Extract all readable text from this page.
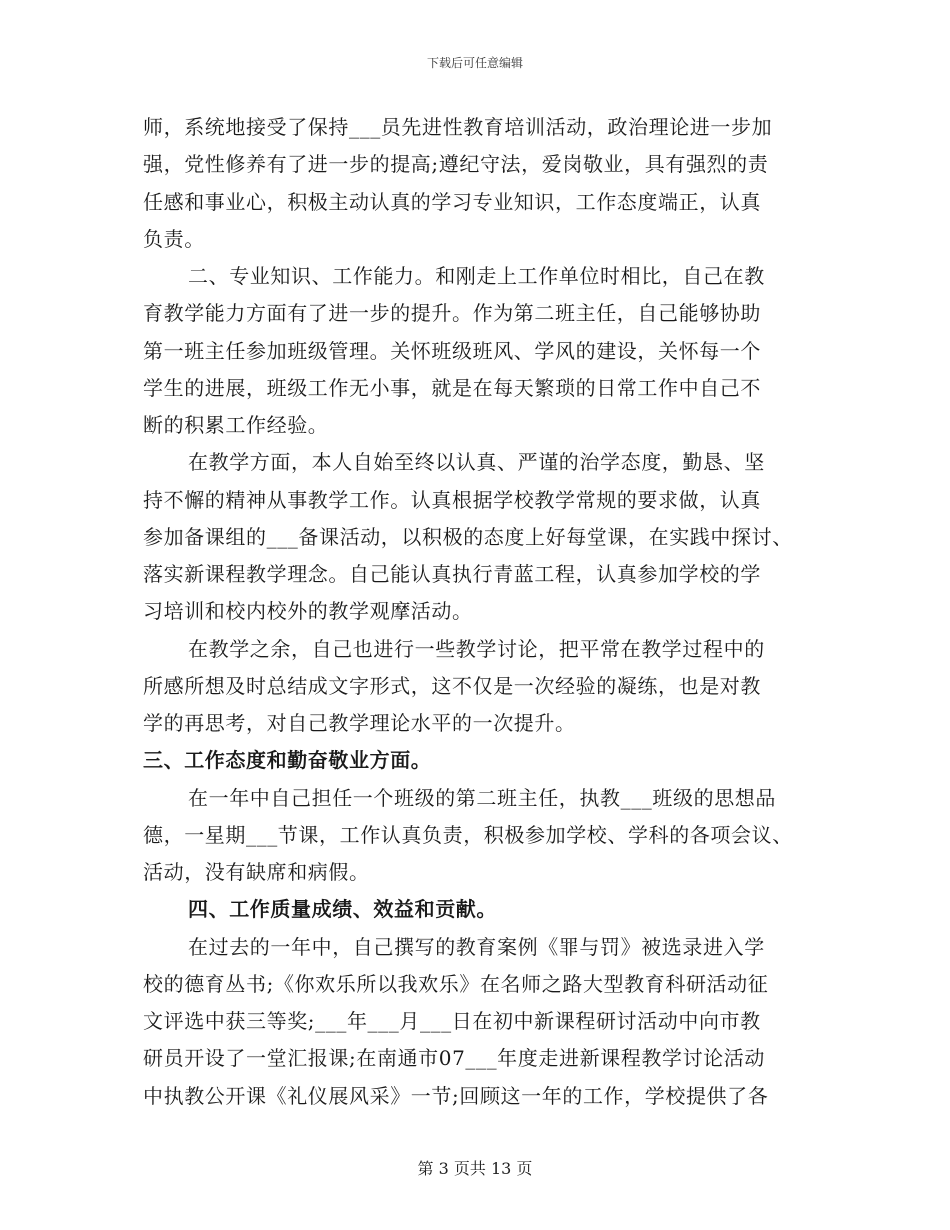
下载后可任意编辑
师，系统地接受了保持___员先进性教育培训活动，政治理论进一步加
强，党性修养有了进一步的提高;遵纪守法，爱岗敬业，具有强烈的责
任感和事业心，积极主动认真的学习专业知识，工作态度端正，认真
负责。
二、专业知识、工作能力。和刚走上工作单位时相比，自己在教
育教学能力方面有了进一步的提升。作为第二班主任，自己能够协助
第一班主任参加班级管理。关怀班级班风、学风的建设，关怀每一个
学生的进展，班级工作无小事，就是在每天繁琐的日常工作中自己不
断的积累工作经验。
在教学方面，本人自始至终以认真、严谨的治学态度，勤恳、坚
持不懈的精神从事教学工作。认真根据学校教学常规的要求做，认真
参加备课组的___备课活动，以积极的态度上好每堂课，在实践中探讨、
落实新课程教学理念。自己能认真执行青蓝工程，认真参加学校的学
习培训和校内校外的教学观摩活动。
在教学之余，自己也进行一些教学讨论，把平常在教学过程中的
所感所想及时总结成文字形式，这不仅是一次经验的凝练，也是对教
学的再思考，对自己教学理论水平的一次提升。
三、工作态度和勤奋敬业方面。
在一年中自己担任一个班级的第二班主任，执教___班级的思想品
德，一星期___节课，工作认真负责，积极参加学校、学科的各项会议、
活动，没有缺席和病假。
四、工作质量成绩、效益和贡献。
在过去的一年中，自己撰写的教育案例《罪与罚》被选录进入学
校的德育丛书;《你欢乐所以我欢乐》在名师之路大型教育科研活动征
文评选中获三等奖;___年___月___日在初中新课程研讨活动中向市教
研员开设了一堂汇报课;在南通市07___年度走进新课程教学讨论活动
中执教公开课《礼仪展风采》一节;回顾这一年的工作，学校提供了各
第 3 页共 13 页
